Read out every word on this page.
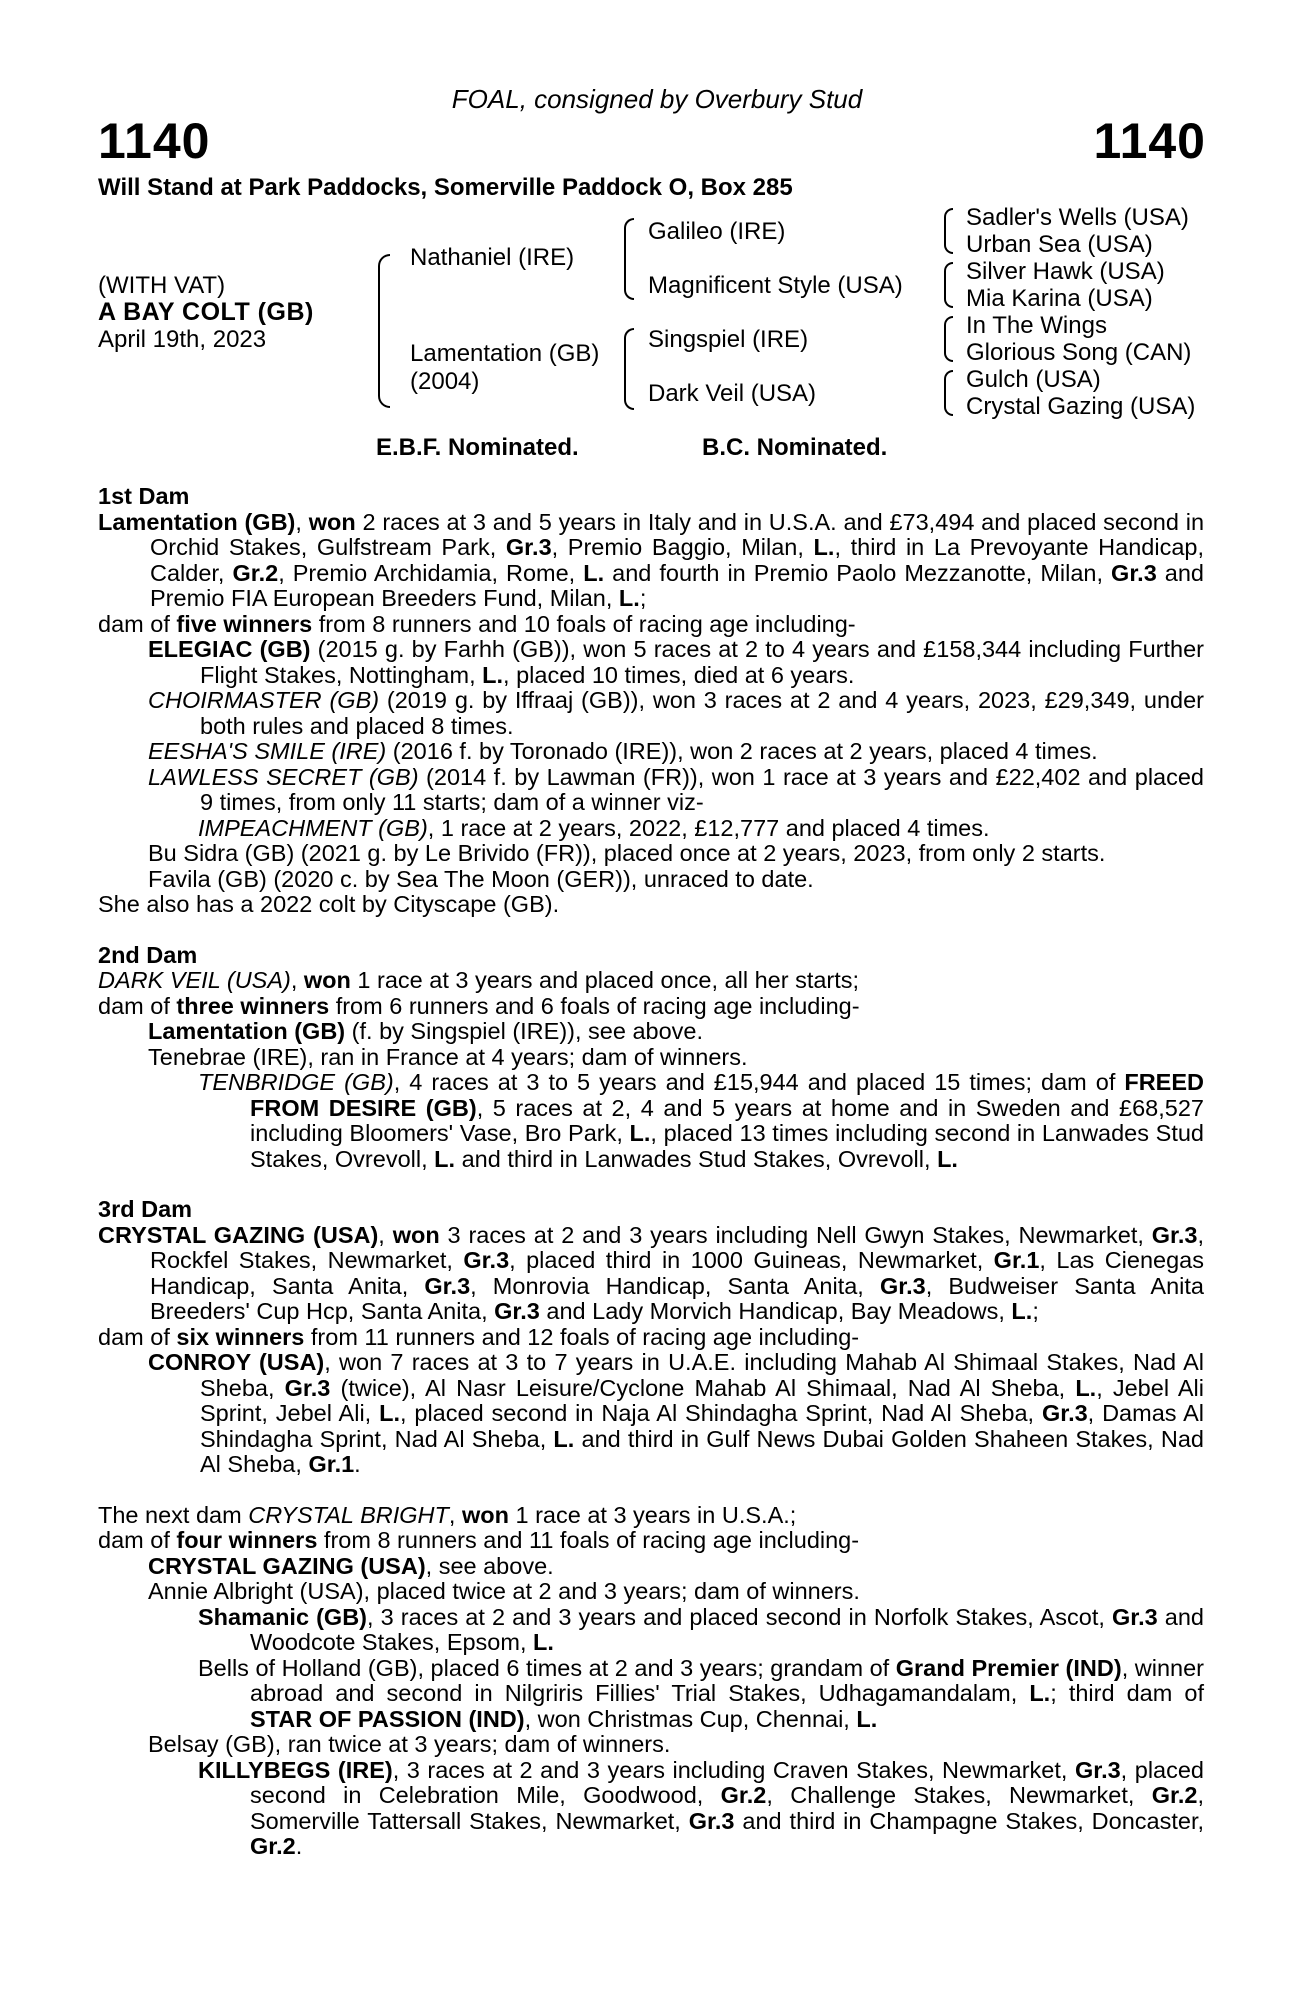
FOAL, consigned by Overbury Stud
1140	1140
Will Stand at Park Paddocks, Somerville Paddock O, Box 285
(WITH VAT)
A BAY COLT (GB)
April 19th, 2023
Nathaniel (IRE)
Lamentation (GB)
(2004)
Galileo (IRE)
Magnificent Style (USA)
Singspiel (IRE)
Dark Veil (USA)
Sadler's Wells (USA)
Urban Sea (USA)
Silver Hawk (USA)
Mia Karina (USA)
In The Wings
Glorious Song (CAN)
Gulch (USA)
Crystal Gazing (USA)
E.B.F. Nominated.	B.C. Nominated.

1st Dam

Lamentation (GB), won 2 races at 3 and 5 years in Italy and in U.S.A. and £73,494 and placed second in Orchid Stakes, Gulfstream Park, Gr.3, Premio Baggio, Milan, L., third in La Prevoyante Handicap, Calder, Gr.2, Premio Archidamia, Rome, L. and fourth in Premio Paolo Mezzanotte, Milan, Gr.3 and Premio FIA European Breeders Fund, Milan, L.;

dam of five winners from 8 runners and 10 foals of racing age including-

ELEGIAC (GB) (2015 g. by Farhh (GB)), won 5 races at 2 to 4 years and £158,344 including Further Flight Stakes, Nottingham, L., placed 10 times, died at 6 years.

CHOIRMASTER (GB) (2019 g. by Iffraaj (GB)), won 3 races at 2 and 4 years, 2023, £29,349, under both rules and placed 8 times.

EESHA'S SMILE (IRE) (2016 f. by Toronado (IRE)), won 2 races at 2 years, placed 4 times.

LAWLESS SECRET (GB) (2014 f. by Lawman (FR)), won 1 race at 3 years and £22,402 and placed 9 times, from only 11 starts; dam of a winner viz-

IMPEACHMENT (GB), 1 race at 2 years, 2022, £12,777 and placed 4 times.

Bu Sidra (GB) (2021 g. by Le Brivido (FR)), placed once at 2 years, 2023, from only 2 starts.

Favila (GB) (2020 c. by Sea The Moon (GER)), unraced to date.

She also has a 2022 colt by Cityscape (GB).

2nd Dam

DARK VEIL (USA), won 1 race at 3 years and placed once, all her starts;

dam of three winners from 6 runners and 6 foals of racing age including-

Lamentation (GB) (f. by Singspiel (IRE)), see above.

Tenebrae (IRE), ran in France at 4 years; dam of winners.

TENBRIDGE (GB), 4 races at 3 to 5 years and £15,944 and placed 15 times; dam of FREED FROM DESIRE (GB), 5 races at 2, 4 and 5 years at home and in Sweden and £68,527 including Bloomers' Vase, Bro Park, L., placed 13 times including second in Lanwades Stud Stakes, Ovrevoll, L. and third in Lanwades Stud Stakes, Ovrevoll, L.

3rd Dam

CRYSTAL GAZING (USA), won 3 races at 2 and 3 years including Nell Gwyn Stakes, Newmarket, Gr.3, Rockfel Stakes, Newmarket, Gr.3, placed third in 1000 Guineas, Newmarket, Gr.1, Las Cienegas Handicap, Santa Anita, Gr.3, Monrovia Handicap, Santa Anita, Gr.3, Budweiser Santa Anita Breeders' Cup Hcp, Santa Anita, Gr.3 and Lady Morvich Handicap, Bay Meadows, L.;

dam of six winners from 11 runners and 12 foals of racing age including-

CONROY (USA), won 7 races at 3 to 7 years in U.A.E. including Mahab Al Shimaal Stakes, Nad Al Sheba, Gr.3 (twice), Al Nasr Leisure/Cyclone Mahab Al Shimaal, Nad Al Sheba, L., Jebel Ali Sprint, Jebel Ali, L., placed second in Naja Al Shindagha Sprint, Nad Al Sheba, Gr.3, Damas Al Shindagha Sprint, Nad Al Sheba, L. and third in Gulf News Dubai Golden Shaheen Stakes, Nad Al Sheba, Gr.1.

The next dam CRYSTAL BRIGHT, won 1 race at 3 years in U.S.A.;

dam of four winners from 8 runners and 11 foals of racing age including-

CRYSTAL GAZING (USA), see above.

Annie Albright (USA), placed twice at 2 and 3 years; dam of winners.

Shamanic (GB), 3 races at 2 and 3 years and placed second in Norfolk Stakes, Ascot, Gr.3 and Woodcote Stakes, Epsom, L.

Bells of Holland (GB), placed 6 times at 2 and 3 years; grandam of Grand Premier (IND), winner abroad and second in Nilgriris Fillies' Trial Stakes, Udhagamandalam, L.; third dam of STAR OF PASSION (IND), won Christmas Cup, Chennai, L.

Belsay (GB), ran twice at 3 years; dam of winners.

KILLYBEGS (IRE), 3 races at 2 and 3 years including Craven Stakes, Newmarket, Gr.3, placed second in Celebration Mile, Goodwood, Gr.2, Challenge Stakes, Newmarket, Gr.2, Somerville Tattersall Stakes, Newmarket, Gr.3 and third in Champagne Stakes, Doncaster, Gr.2.
